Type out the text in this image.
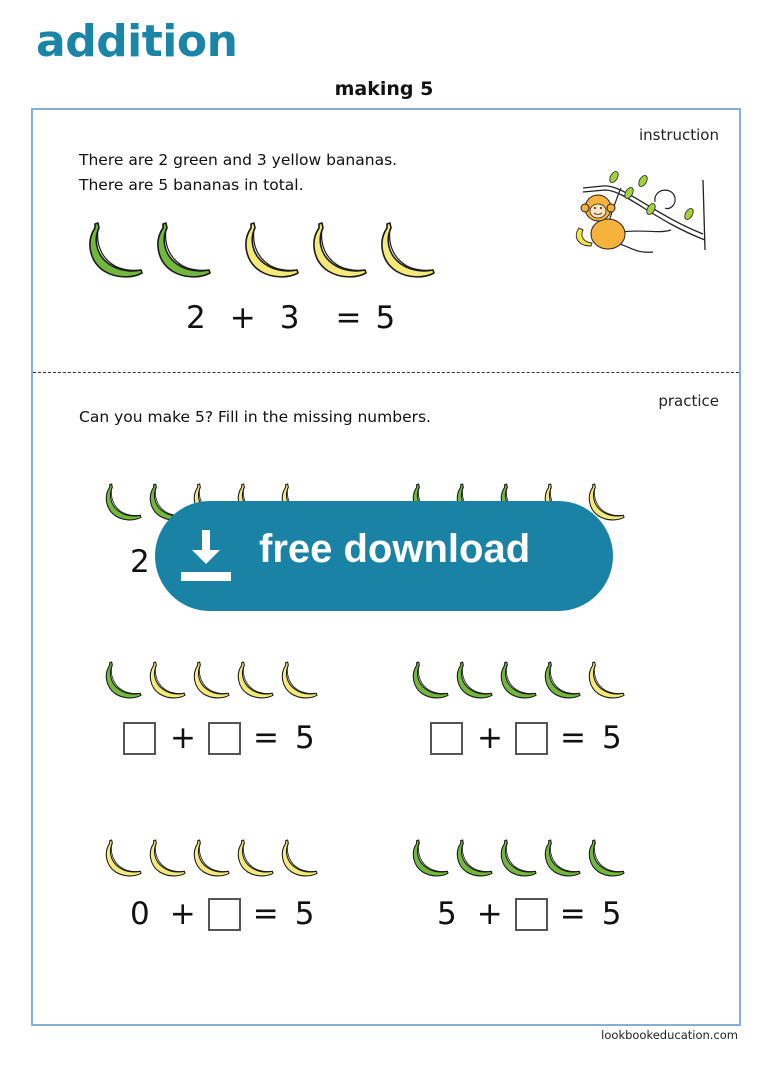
addition
making 5
instruction
There are 2 green and 3 yellow bananas.
There are 5 bananas in total.
2 + 3 = 5
practice
Can you make 5? Fill in the missing numbers.
2
+ = 5	+ = 5
0 + = 5	5 + = 5
free download
lookbookeducation.com
